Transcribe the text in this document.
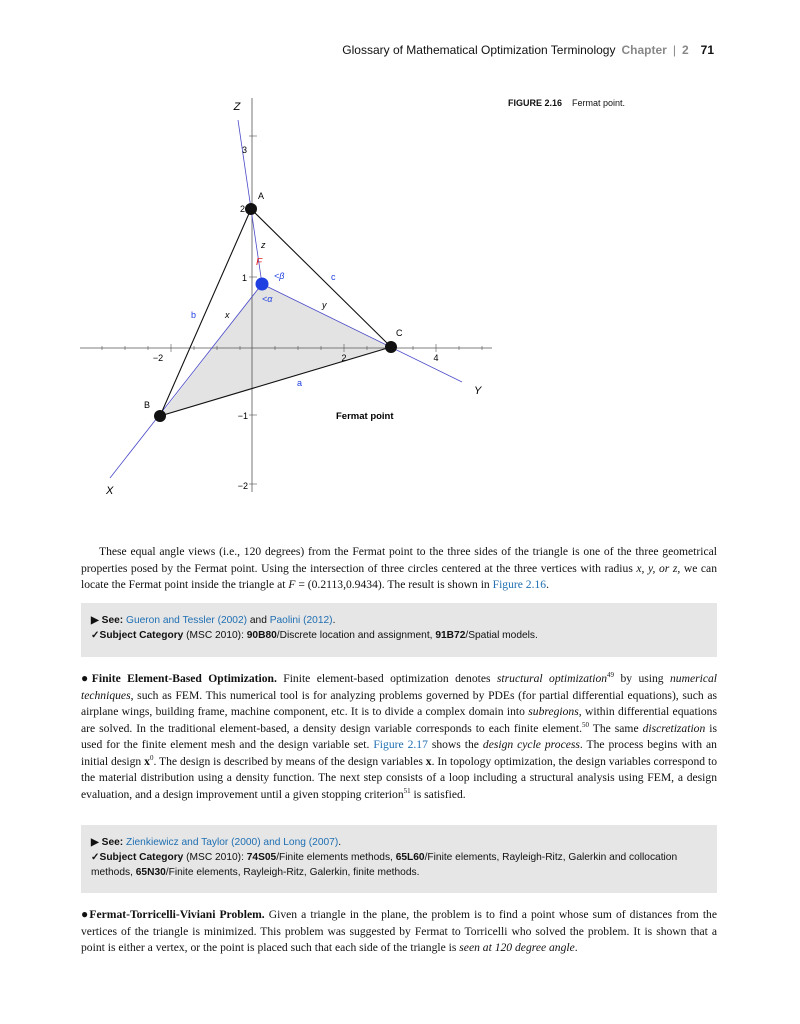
Glossary of Mathematical Optimization Terminology Chapter | 2 71
FIGURE 2.16 Fermat point.
−2	2	4
3
2
1
−1
−2
Z
X
Y
A
B
C
a
b
c
x
y
z
F
<β
<α
Fermat point
These equal angle views (i.e., 120 degrees) from the Fermat point to the three sides of the triangle is one of the three geometrical properties posed by the Fermat point. Using the intersection of three circles centered at the three vertices with radius x, y, or z, we can locate the Fermat point inside the triangle at F = (0.2113,0.9434). The result is shown in Figure 2.16.
▶ See: Gueron and Tessler (2002) and Paolini (2012).
✓Subject Category (MSC 2010): 90B80/Discrete location and assignment, 91B72/Spatial models.
●Finite Element-Based Optimization. Finite element-based optimization denotes structural optimization$^{49}$ by using numerical techniques, such as FEM. This numerical tool is for analyzing problems governed by PDEs (for partial differential equations), such as airplane wings, building frame, machine component, etc. It is to divide a complex domain into subregions, within differential equations are solved. In the traditional element-based, a density design variable corresponds to each finite element.$^{50}$ The same discretization is used for the finite element mesh and the design variable set. Figure 2.17 shows the design cycle process. The process begins with an initial design $x^0$. The design is described by means of the design variables x. In topology optimization, the design variables correspond to the material distribution using a density function. The next step consists of a loop including a structural analysis using FEM, a design evaluation, and a design improvement until a given stopping criterion$^{51}$ is satisfied.
▶ See: Zienkiewicz and Taylor (2000) and Long (2007).
✓Subject Category (MSC 2010): 74S05/Finite elements methods, 65L60/Finite elements, Rayleigh-Ritz, Galerkin and collocation methods, 65N30/Finite elements, Rayleigh-Ritz, Galerkin, finite methods.
●Fermat-Torricelli-Viviani Problem. Given a triangle in the plane, the problem is to find a point whose sum of distances from the vertices of the triangle is minimized. This problem was suggested by Fermat to Torricelli who solved the problem. It is shown that a point is either a vertex, or the point is placed such that each side of the triangle is seen at 120 degree angle.
